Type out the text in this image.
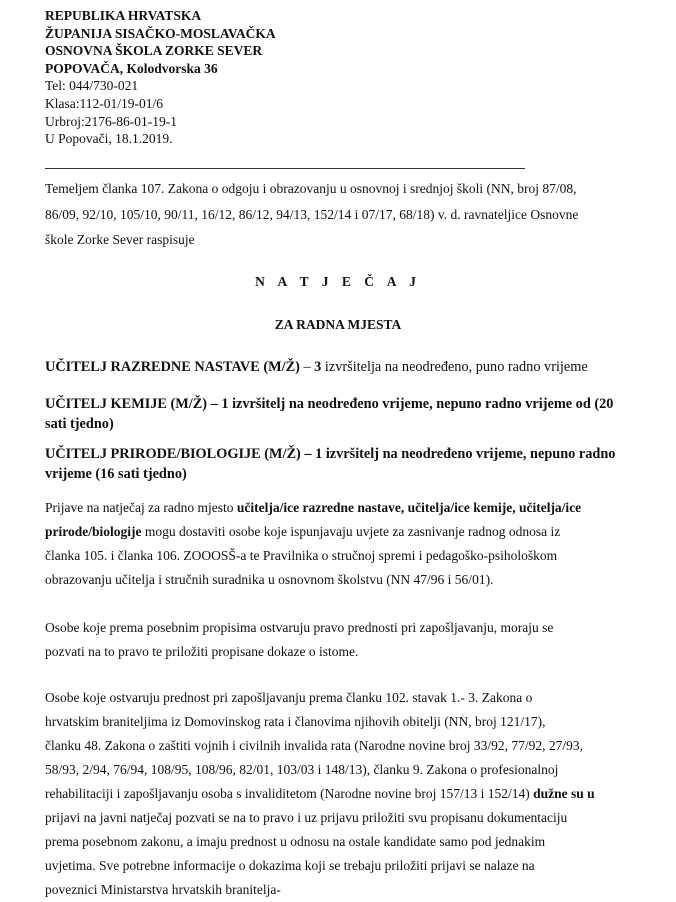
REPUBLIKA HRVATSKA
ŽUPANIJA SISAČKO-MOSLAVAČKA
OSNOVNA ŠKOLA ZORKE SEVER
POPOVAČA, Kolodvorska 36
Tel: 044/730-021
Klasa:112-01/19-01/6
Urbroj:2176-86-01-19-1
U Popovači, 18.1.2019.
Temeljem članka 107. Zakona o odgoju i obrazovanju u osnovnoj i srednjoj školi (NN, broj 87/08,
86/09, 92/10, 105/10, 90/11, 16/12, 86/12, 94/13, 152/14 i 07/17, 68/18) v. d. ravnateljice Osnovne
škole Zorke Sever raspisuje
N A T J E Č A J
ZA RADNA MJESTA
UČITELJ RAZREDNE NASTAVE (M/Ž) – 3 izvršitelja na neodređeno, puno radno vrijeme
UČITELJ KEMIJE (M/Ž) – 1 izvršitelj na neodređeno vrijeme, nepuno radno vrijeme od (20
sati tjedno)
UČITELJ PRIRODE/BIOLOGIJE (M/Ž) – 1 izvršitelj na neodređeno vrijeme, nepuno radno
vrijeme (16 sati tjedno)
Prijave na natječaj za radno mjesto učitelja/ice razredne nastave, učitelja/ice kemije, učitelja/ice
prirode/biologije mogu dostaviti osobe koje ispunjavaju uvjete za zasnivanje radnog odnosa iz
članka 105. i članka 106. ZOOOSŠ-a te Pravilnika o stručnoj spremi i pedagoško-psihološkom
obrazovanju učitelja i stručnih suradnika u osnovnom školstvu (NN 47/96 i 56/01).
Osobe koje prema posebnim propisima ostvaruju pravo prednosti pri zapošljavanju, moraju se
pozvati na to pravo te priložiti propisane dokaze o istome.
Osobe koje ostvaruju prednost pri zapošljavanju prema članku 102. stavak 1.- 3. Zakona o
hrvatskim braniteljima iz Domovinskog rata i članovima njihovih obitelji (NN, broj 121/17),
članku 48. Zakona o zaštiti vojnih i civilnih invalida rata (Narodne novine broj 33/92, 77/92, 27/93,
58/93, 2/94, 76/94, 108/95, 108/96, 82/01, 103/03 i 148/13), članku 9. Zakona o profesionalnoj
rehabilitaciji i zapošljavanju osoba s invaliditetom (Narodne novine broj 157/13 i 152/14) dužne su u
prijavi na javni natječaj pozvati se na to pravo i uz prijavu priložiti svu propisanu dokumentaciju
prema posebnom zakonu, a imaju prednost u odnosu na ostale kandidate samo pod jednakim
uvjetima. Sve potrebne informacije o dokazima koji se trebaju priložiti prijavi se nalaze na
poveznici Ministarstva hrvatskih branitelja-
